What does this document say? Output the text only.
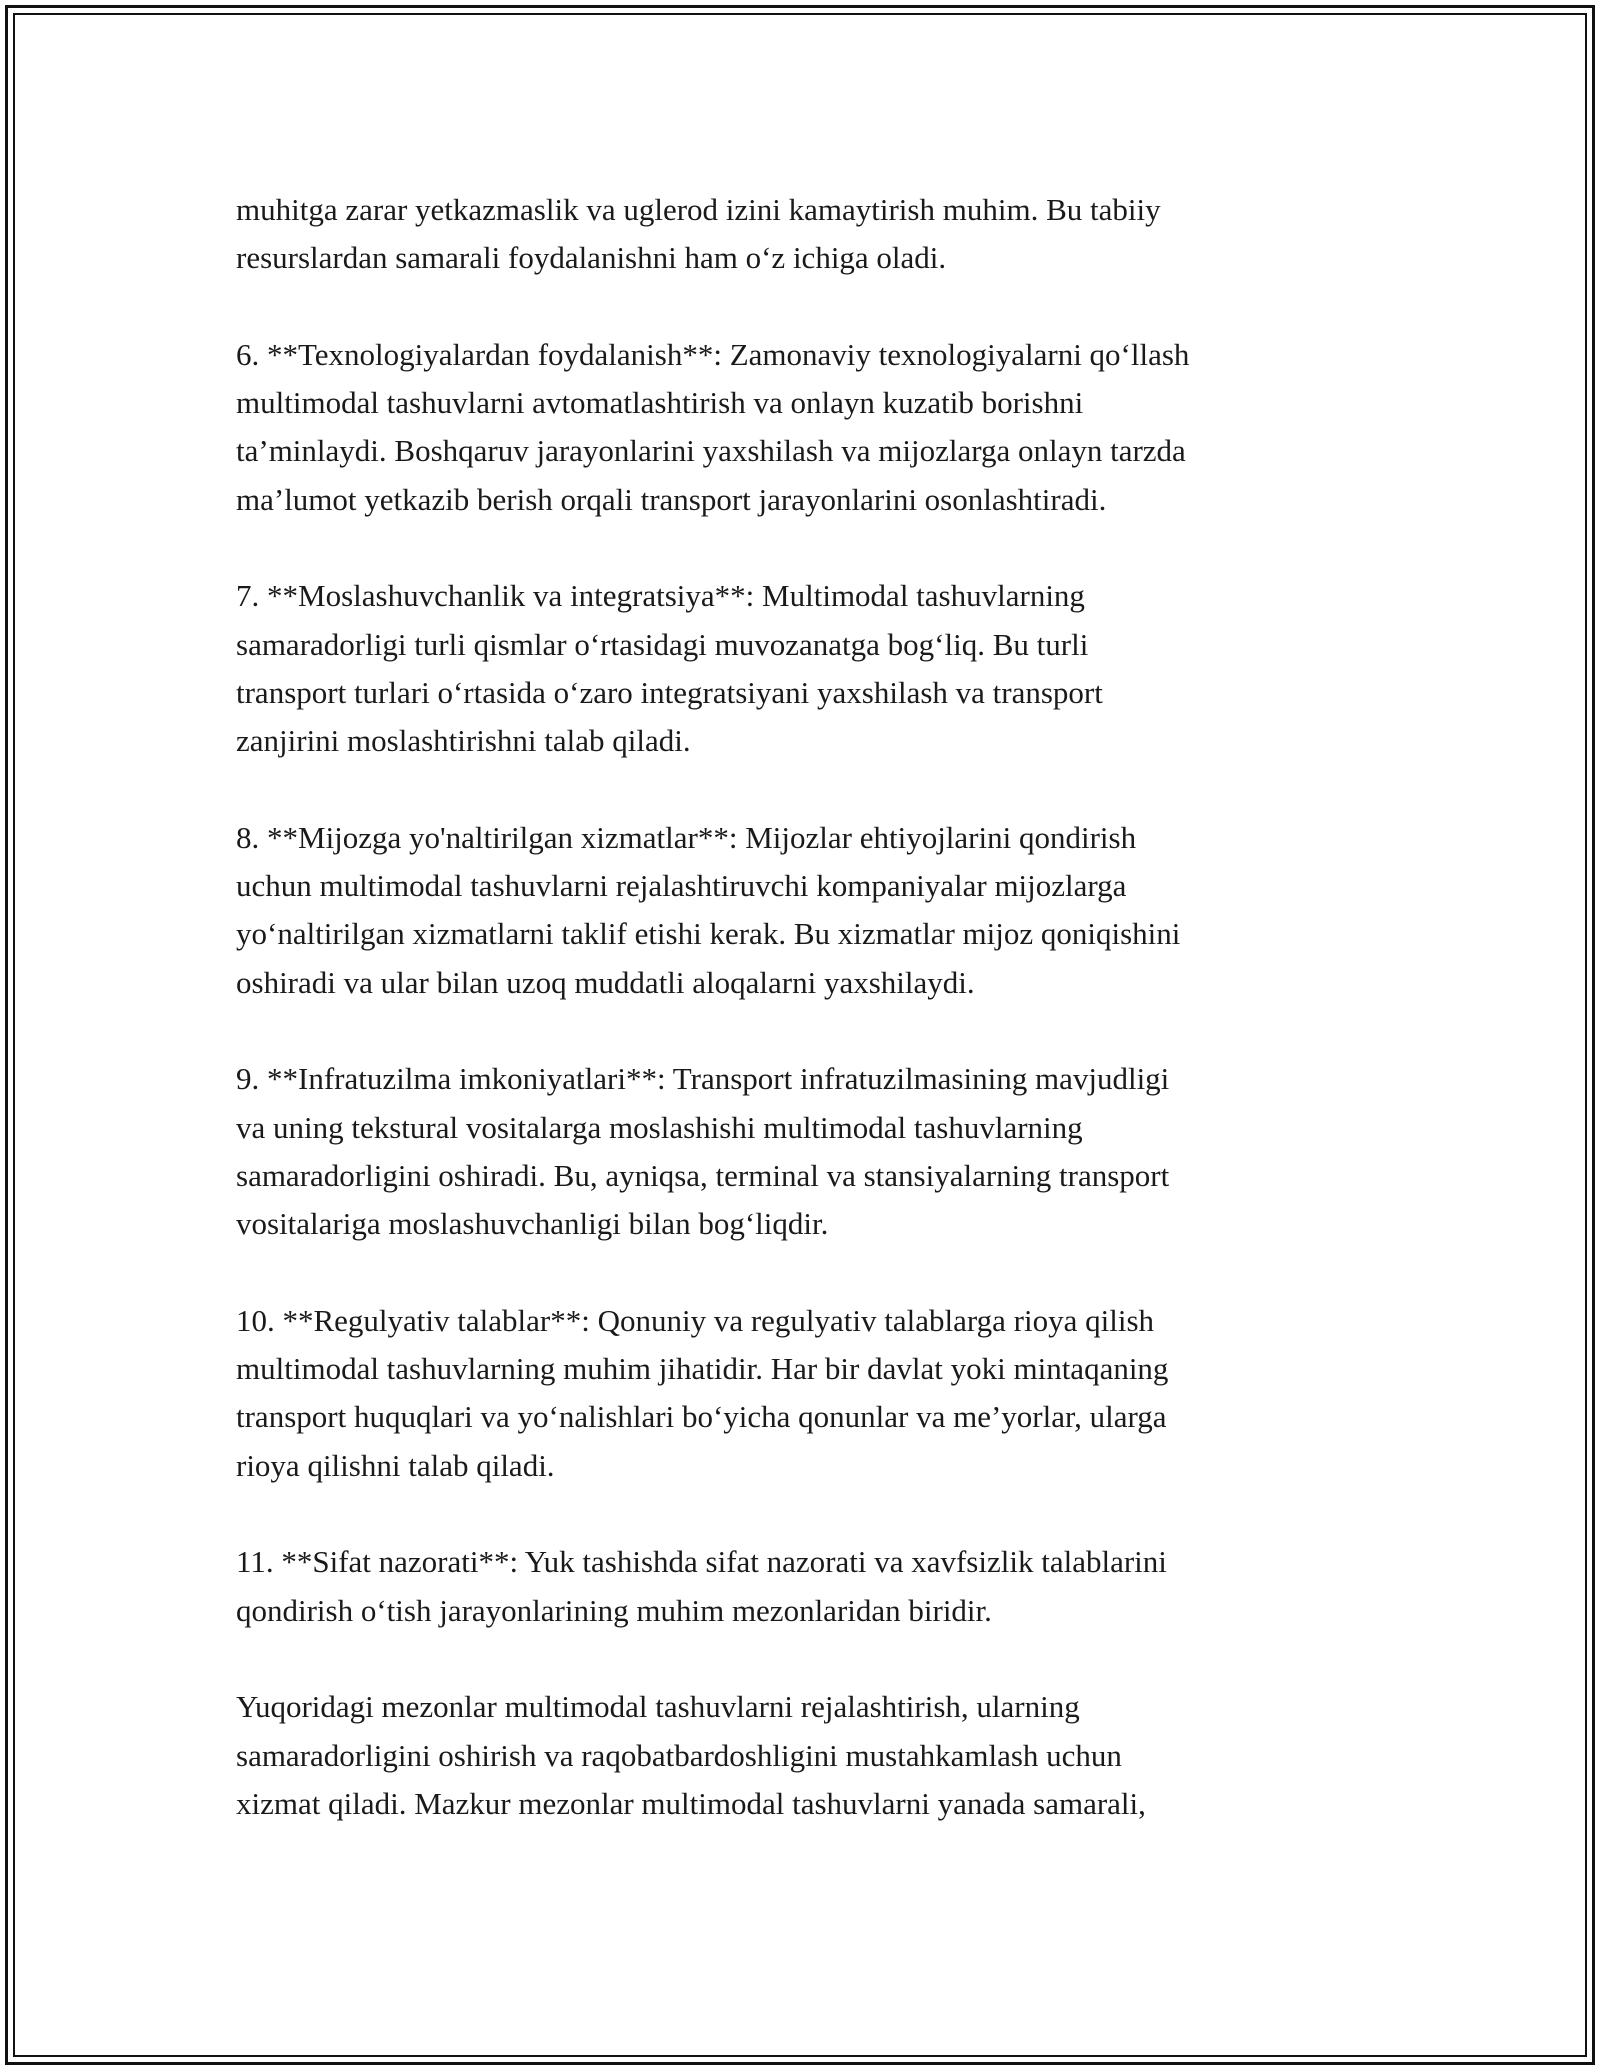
muhitga zarar yetkazmaslik va uglerod izini kamaytirish muhim. Bu tabiiy
resurslardan samarali foydalanishni ham o‘z ichiga oladi.

6. **Texnologiyalardan foydalanish**: Zamonaviy texnologiyalarni qo‘llash
multimodal tashuvlarni avtomatlashtirish va onlayn kuzatib borishni
ta’minlaydi. Boshqaruv jarayonlarini yaxshilash va mijozlarga onlayn tarzda
ma’lumot yetkazib berish orqali transport jarayonlarini osonlashtiradi.

7. **Moslashuvchanlik va integratsiya**: Multimodal tashuvlarning
samaradorligi turli qismlar o‘rtasidagi muvozanatga bog‘liq. Bu turli
transport turlari o‘rtasida o‘zaro integratsiyani yaxshilash va transport
zanjirini moslashtirishni talab qiladi.

8. **Mijozga yo'naltirilgan xizmatlar**: Mijozlar ehtiyojlarini qondirish
uchun multimodal tashuvlarni rejalashtiruvchi kompaniyalar mijozlarga
yo‘naltirilgan xizmatlarni taklif etishi kerak. Bu xizmatlar mijoz qoniqishini
oshiradi va ular bilan uzoq muddatli aloqalarni yaxshilaydi.

9. **Infratuzilma imkoniyatlari**: Transport infratuzilmasining mavjudligi
va uning tekstural vositalarga moslashishi multimodal tashuvlarning
samaradorligini oshiradi. Bu, ayniqsa, terminal va stansiyalarning transport
vositalariga moslashuvchanligi bilan bog‘liqdir.

10. **Regulyativ talablar**: Qonuniy va regulyativ talablarga rioya qilish
multimodal tashuvlarning muhim jihatidir. Har bir davlat yoki mintaqaning
transport huquqlari va yo‘nalishlari bo‘yicha qonunlar va me’yorlar, ularga
rioya qilishni talab qiladi.

11. **Sifat nazorati**: Yuk tashishda sifat nazorati va xavfsizlik talablarini
qondirish o‘tish jarayonlarining muhim mezonlaridan biridir.

Yuqoridagi mezonlar multimodal tashuvlarni rejalashtirish, ularning
samaradorligini oshirish va raqobatbardoshligini mustahkamlash uchun
xizmat qiladi. Mazkur mezonlar multimodal tashuvlarni yanada samarali,
